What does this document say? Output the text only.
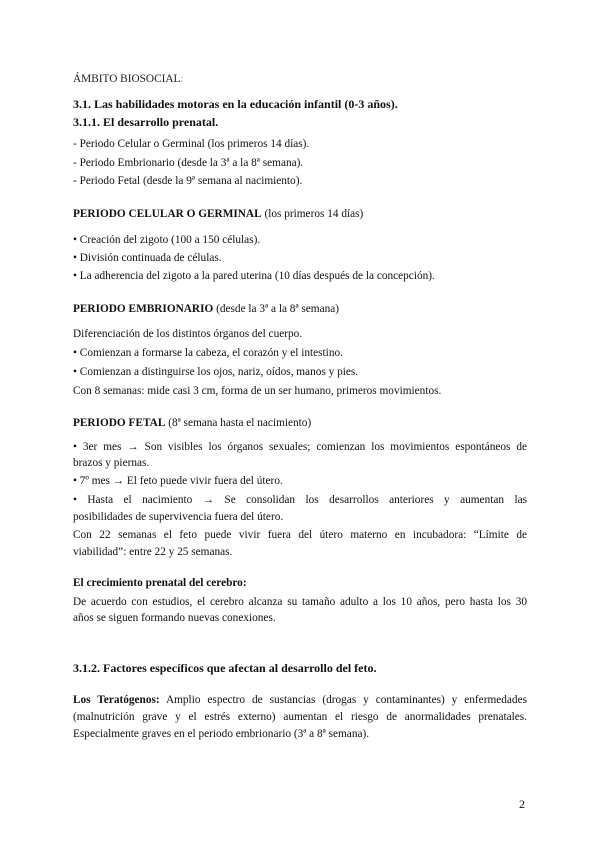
ÁMBITO BIOSOCIAL:
3.1. Las habilidades motoras en la educación infantil (0-3 años).
3.1.1. El desarrollo prenatal.
- Periodo Celular o Germinal (los primeros 14 días).
- Periodo Embrionario (desde la 3ª a la 8ª semana).
- Periodo Fetal (desde la 9ª semana al nacimiento).
PERIODO CELULAR O GERMINAL (los primeros 14 días)
• Creación del zigoto (100 a 150 células).
• División continuada de células.
• La adherencia del zigoto a la pared uterina (10 días después de la concepción).
PERIODO EMBRIONARIO (desde la 3ª a la 8ª semana)
Diferenciación de los distintos órganos del cuerpo.
• Comienzan a formarse la cabeza, el corazón y el intestino.
• Comienzan a distinguirse los ojos, nariz, oídos, manos y pies.
Con 8 semanas: mide casi 3 cm, forma de un ser humano, primeros movimientos.
PERIODO FETAL (8ª semana hasta el nacimiento)
• 3er mes → Son visibles los órganos sexuales; comienzan los movimientos espontáneos de
brazos y piernas.
• 7º mes → El feto puede vivir fuera del útero.
• Hasta el nacimiento → Se consolidan los desarrollos anteriores y aumentan las
posibilidades de supervivencia fuera del útero.
Con 22 semanas el feto puede vivir fuera del útero materno en incubadora: “Límite de
viabilidad”: entre 22 y 25 semanas.
El crecimiento prenatal del cerebro:
De acuerdo con estudios, el cerebro alcanza su tamaño adulto a los 10 años, pero hasta los 30
años se siguen formando nuevas conexiones.
3.1.2. Factores específicos que afectan al desarrollo del feto.
Los Teratógenos: Amplio espectro de sustancias (drogas y contaminantes) y enfermedades
(malnutrición grave y el estrés externo) aumentan el riesgo de anormalidades prenatales.
Especialmente graves en el periodo embrionario (3ª a 8ª semana).
2
